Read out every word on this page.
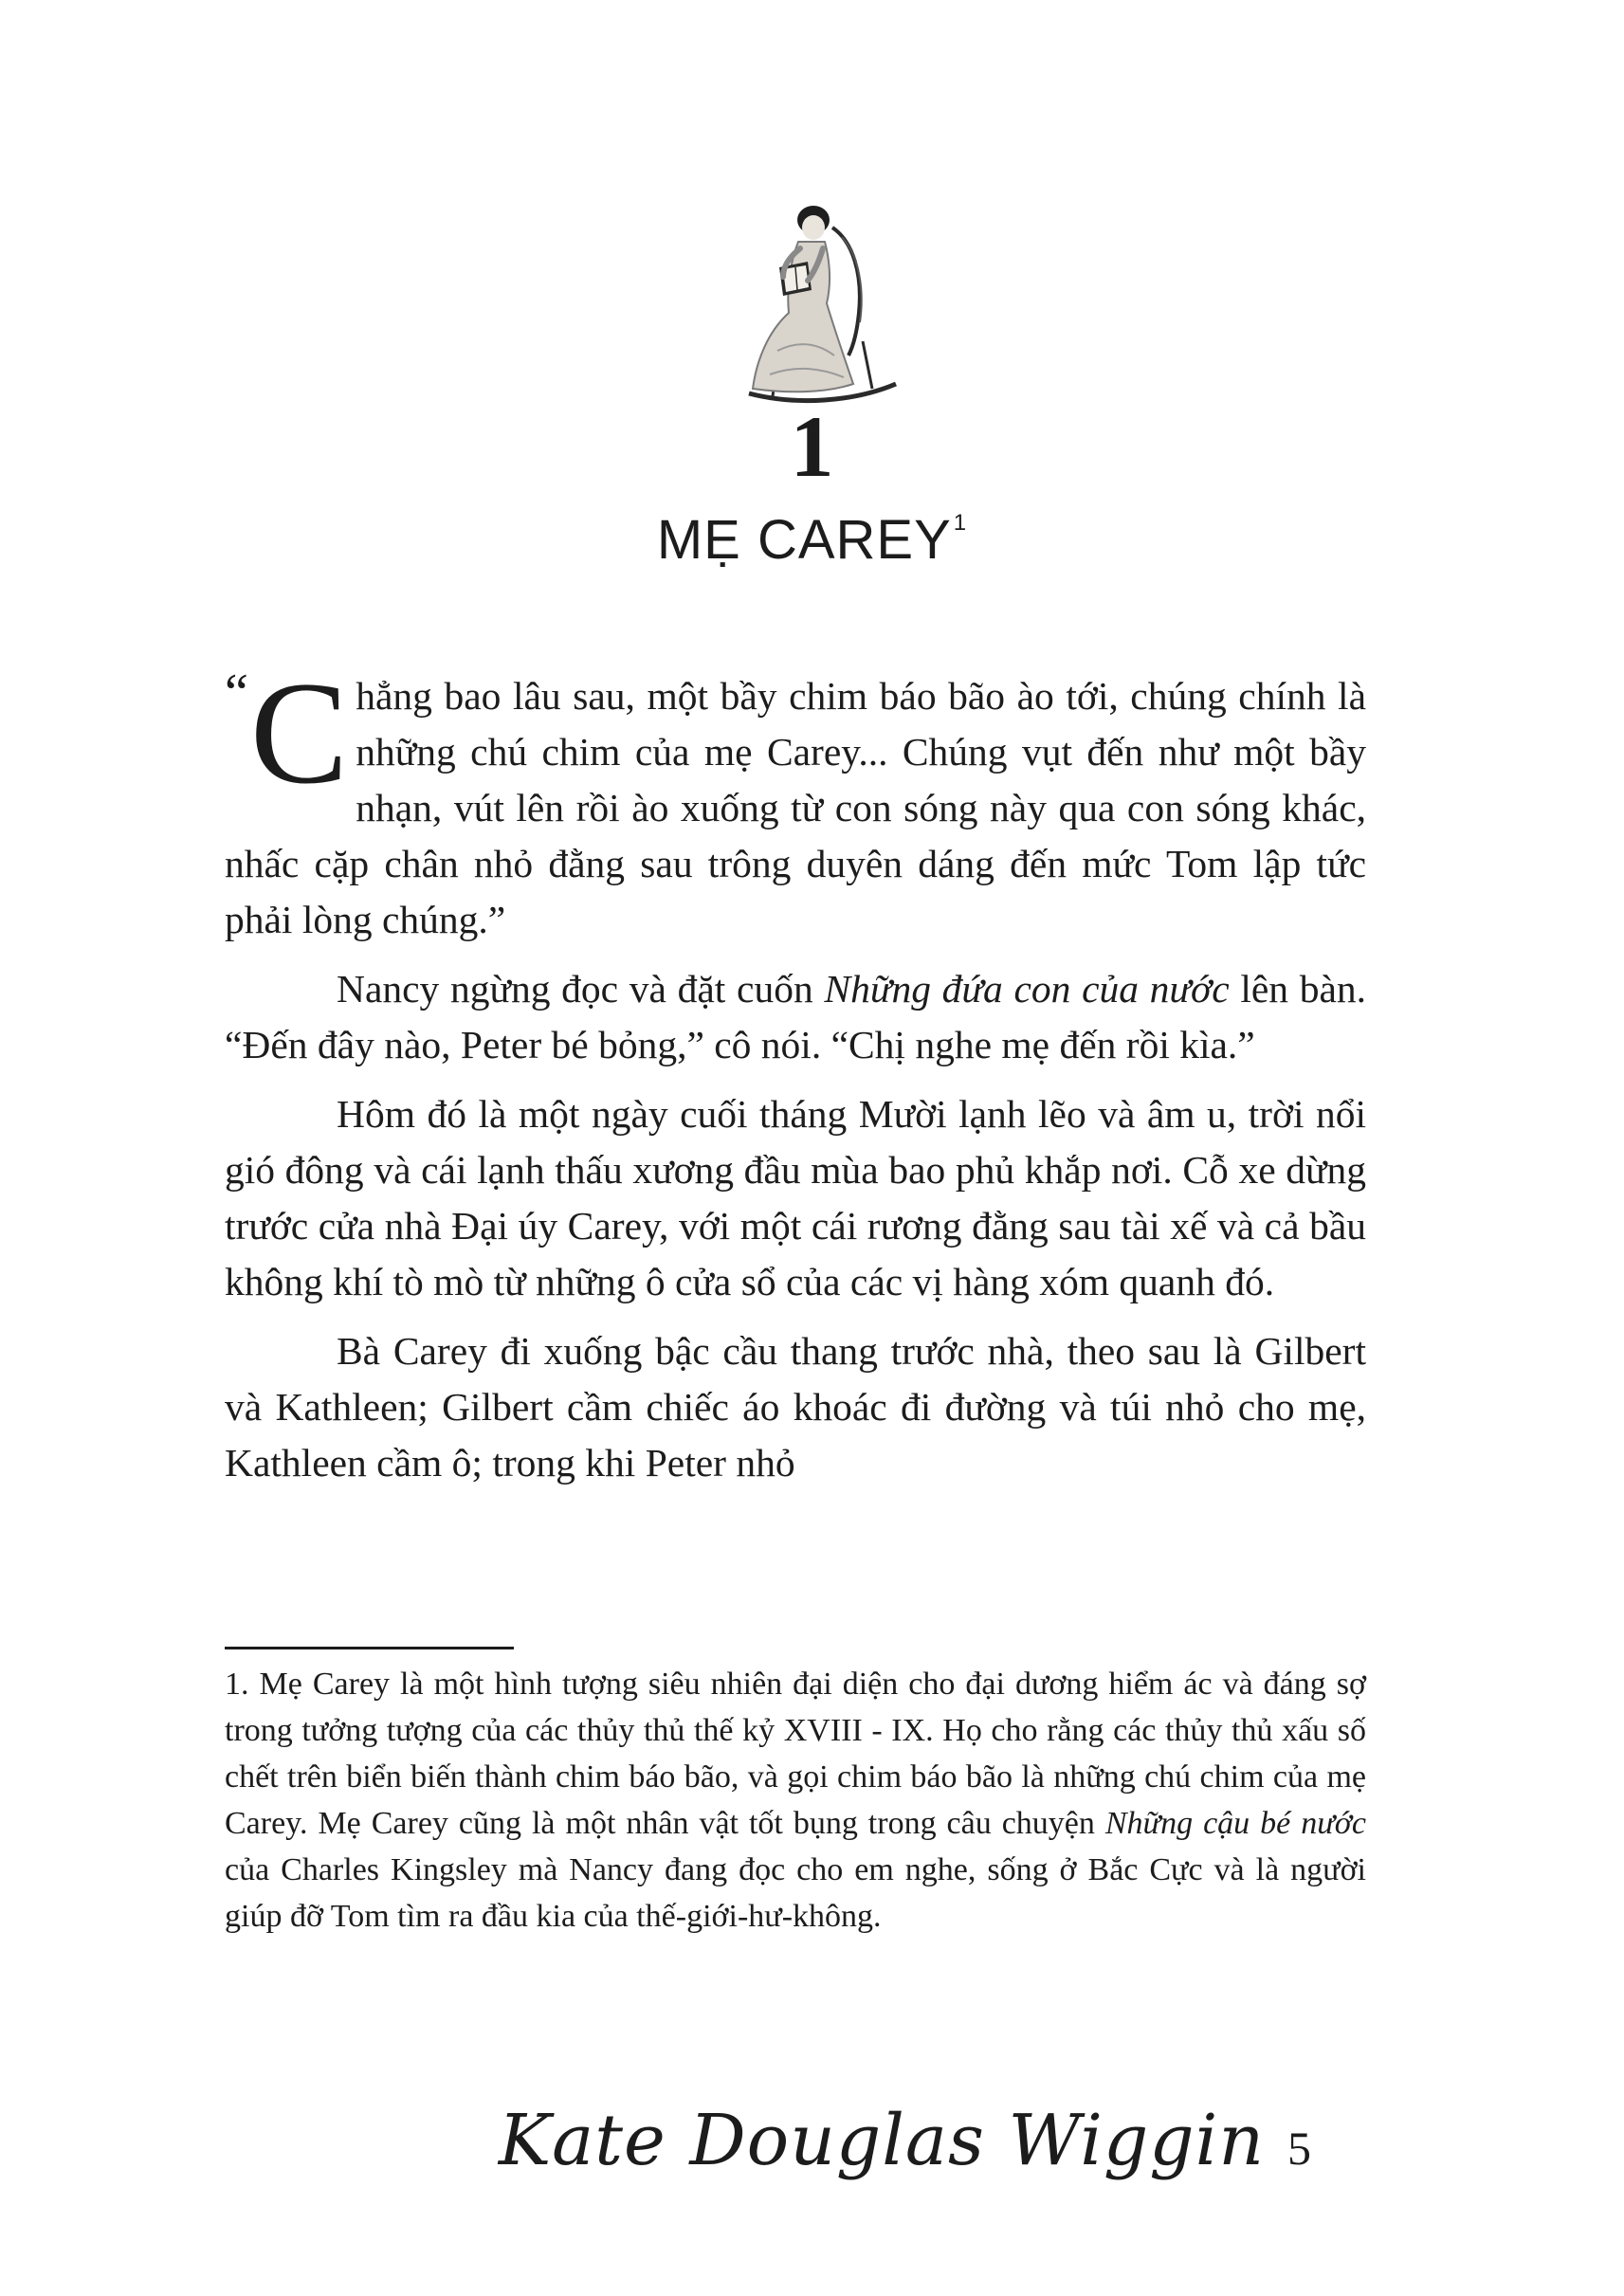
1
MẸ CAREY$^1$

“ C hẳng bao lâu sau, một bầy chim báo bão ào tới, chúng chính là những chú chim của mẹ Carey... Chúng vụt đến như một bầy nhạn, vút lên rồi ào xuống từ con sóng này qua con sóng khác, nhấc cặp chân nhỏ đằng sau trông duyên dáng đến mức Tom lập tức phải lòng chúng.”

Nancy ngừng đọc và đặt cuốn Những đứa con của nước lên bàn. “Đến đây nào, Peter bé bỏng,” cô nói. “Chị nghe mẹ đến rồi kìa.”

Hôm đó là một ngày cuối tháng Mười lạnh lẽo và âm u, trời nổi gió đông và cái lạnh thấu xương đầu mùa bao phủ khắp nơi. Cỗ xe dừng trước cửa nhà Đại úy Carey, với một cái rương đằng sau tài xế và cả bầu không khí tò mò từ những ô cửa sổ của các vị hàng xóm quanh đó.

Bà Carey đi xuống bậc cầu thang trước nhà, theo sau là Gilbert và Kathleen; Gilbert cầm chiếc áo khoác đi đường và túi nhỏ cho mẹ, Kathleen cầm ô; trong khi Peter nhỏ

1. Mẹ Carey là một hình tượng siêu nhiên đại diện cho đại dương hiểm ác và đáng sợ trong tưởng tượng của các thủy thủ thế kỷ XVIII - IX. Họ cho rằng các thủy thủ xấu số chết trên biển biến thành chim báo bão, và gọi chim báo bão là những chú chim của mẹ Carey. Mẹ Carey cũng là một nhân vật tốt bụng trong câu chuyện Những cậu bé nước của Charles Kingsley mà Nancy đang đọc cho em nghe, sống ở Bắc Cực và là người giúp đỡ Tom tìm ra đầu kia của thế-giới-hư-không.

Kate Douglas Wiggin 5
